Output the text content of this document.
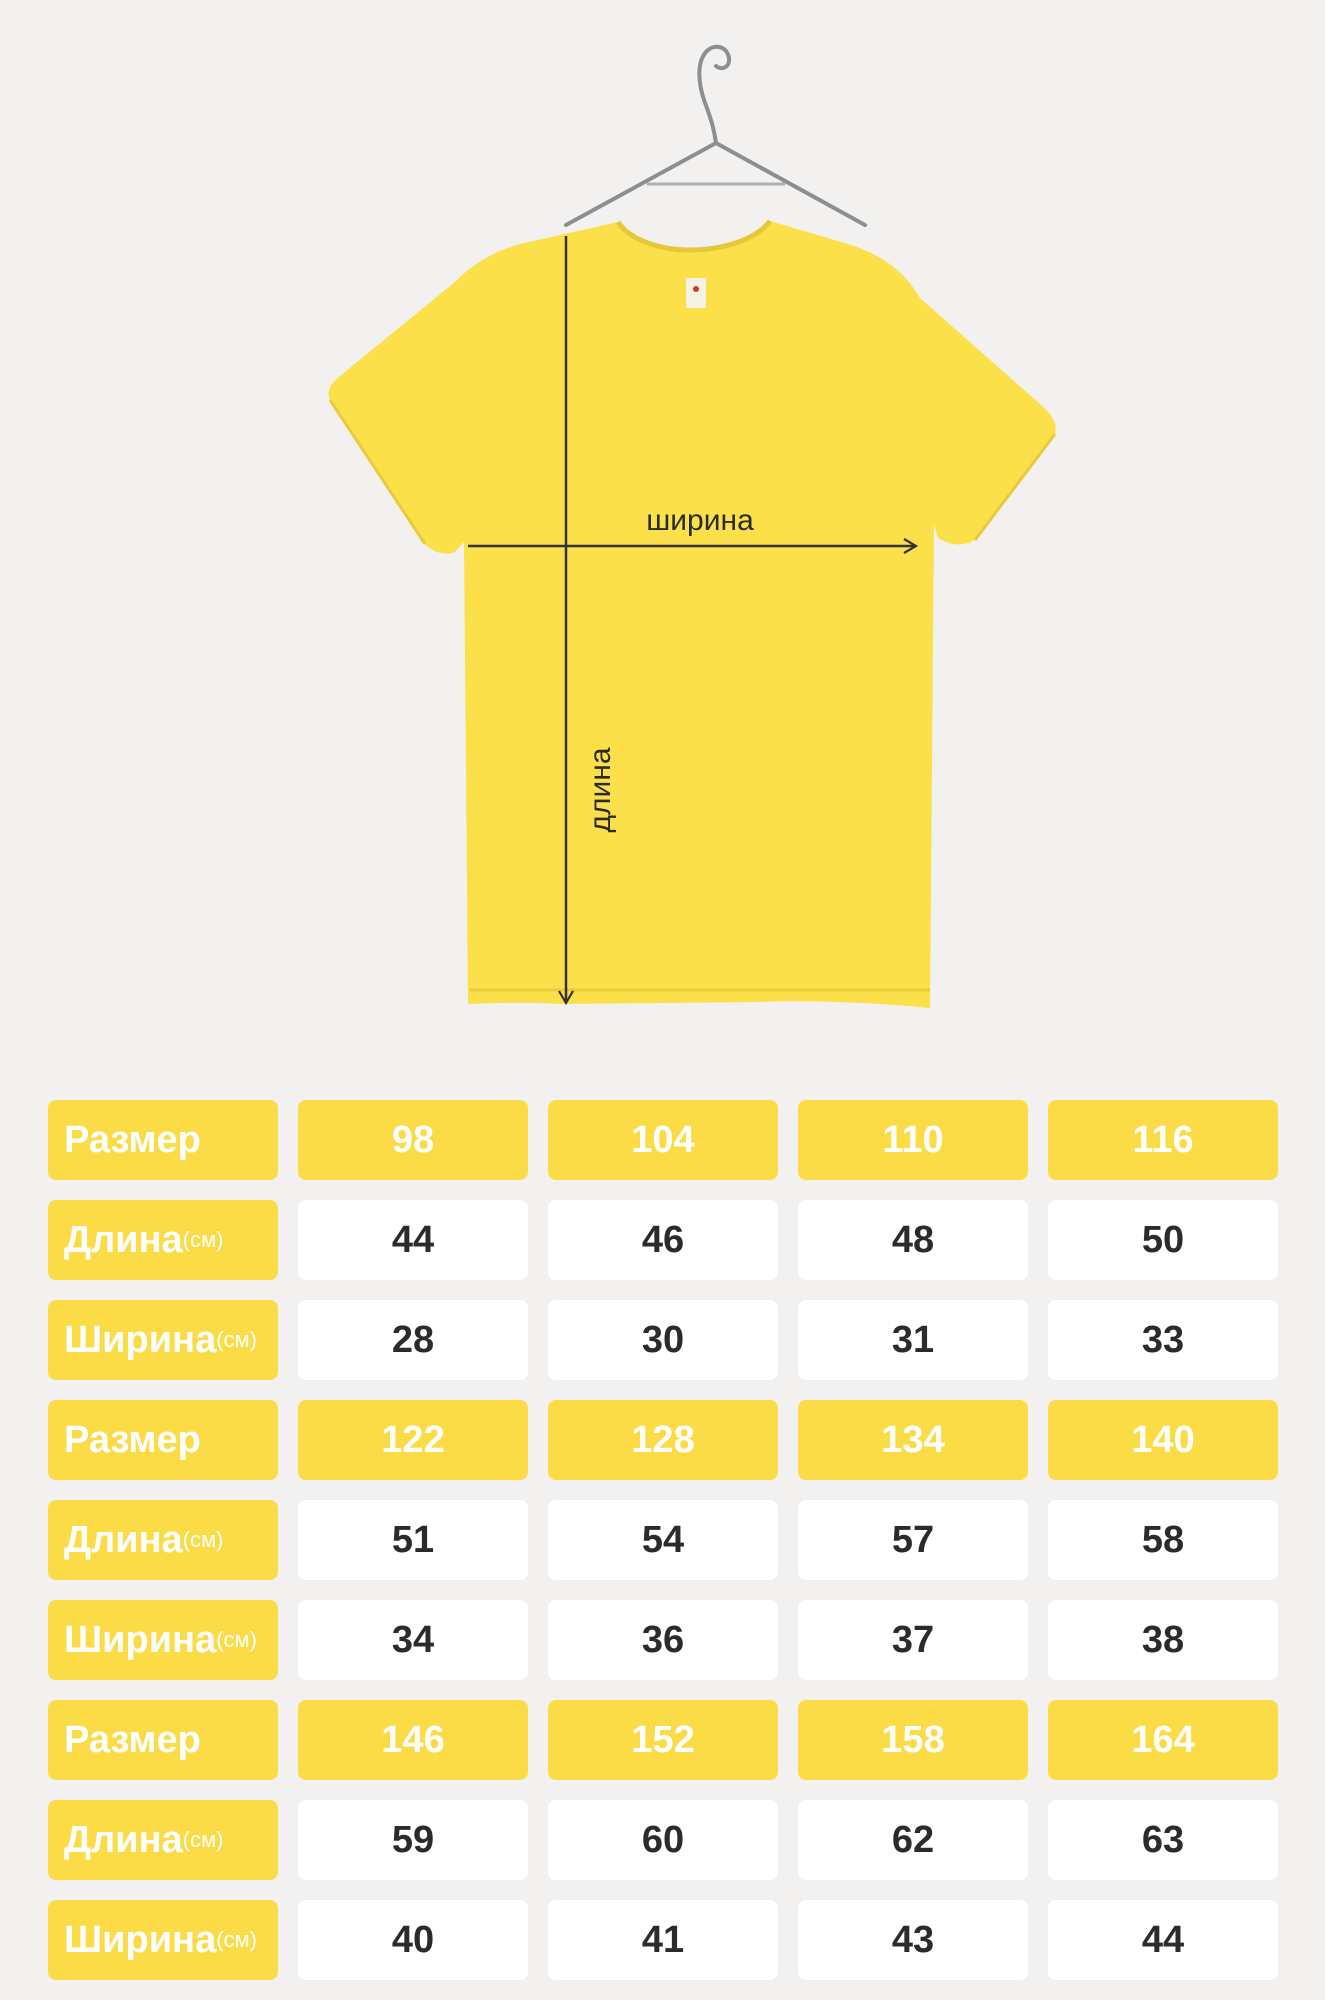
ширина
длина
Размер	98	104	110	116
Длина (см)	44	46	48	50
Ширина (см)	28	30	31	33
Размер	122	128	134	140
Длина (см)	51	54	57	58
Ширина (см)	34	36	37	38
Размер	146	152	158	164
Длина (см)	59	60	62	63
Ширина (см)	40	41	43	44
